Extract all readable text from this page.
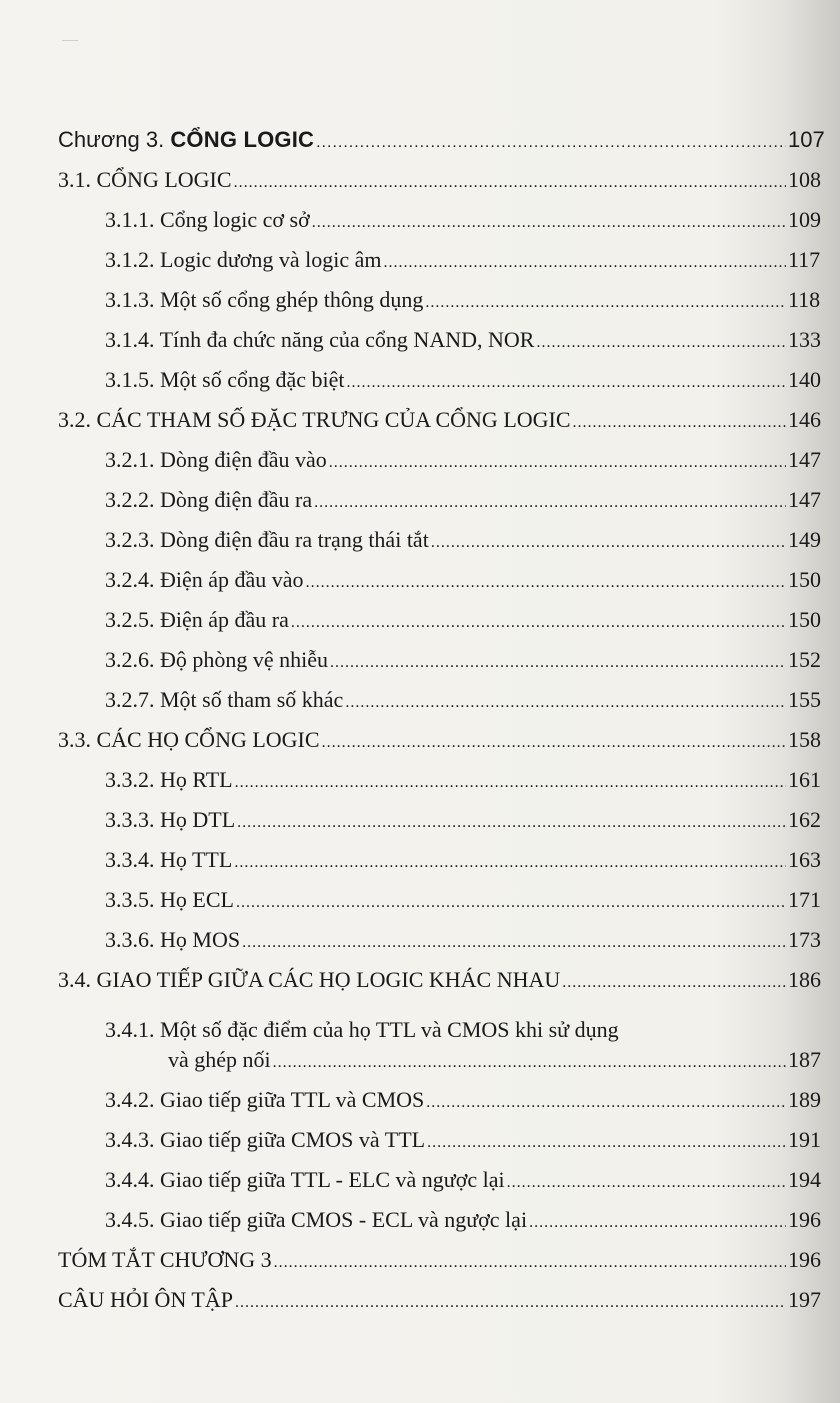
Chương 3. CỔNG LOGIC .....	107
3.1. CỔNG LOGIC .....	108
3.1.1. Cổng logic cơ sở .....	109
3.1.2. Logic dương và logic âm .....	117
3.1.3. Một số cổng ghép thông dụng .....	118
3.1.4. Tính đa chức năng của cổng NAND, NOR .....	133
3.1.5. Một số cổng đặc biệt .....	140
3.2. CÁC THAM SỐ ĐẶC TRƯNG CỦA CỔNG LOGIC .....	146
3.2.1. Dòng điện đầu vào .....	147
3.2.2. Dòng điện đầu ra .....	147
3.2.3. Dòng điện đầu ra trạng thái tắt .....	149
3.2.4. Điện áp đầu vào .....	150
3.2.5. Điện áp đầu ra .....	150
3.2.6. Độ phòng vệ nhiễu .....	152
3.2.7. Một số tham số khác .....	155
3.3. CÁC HỌ CỔNG LOGIC .....	158
3.3.2. Họ RTL .....	161
3.3.3. Họ DTL .....	162
3.3.4. Họ TTL .....	163
3.3.5. Họ ECL .....	171
3.3.6. Họ MOS .....	173
3.4. GIAO TIẾP GIỮA CÁC HỌ LOGIC KHÁC NHAU .....	186
3.4.1. Một số đặc điểm của họ TTL và CMOS khi sử dụng
và ghép nối .....	187
3.4.2. Giao tiếp giữa TTL và CMOS .....	189
3.4.3. Giao tiếp giữa CMOS và TTL .....	191
3.4.4. Giao tiếp giữa TTL - ELC và ngược lại .....	194
3.4.5. Giao tiếp giữa CMOS - ECL và ngược lại .....	196
TÓM TẮT CHƯƠNG 3 .....	196
CÂU HỎI ÔN TẬP .....	197
